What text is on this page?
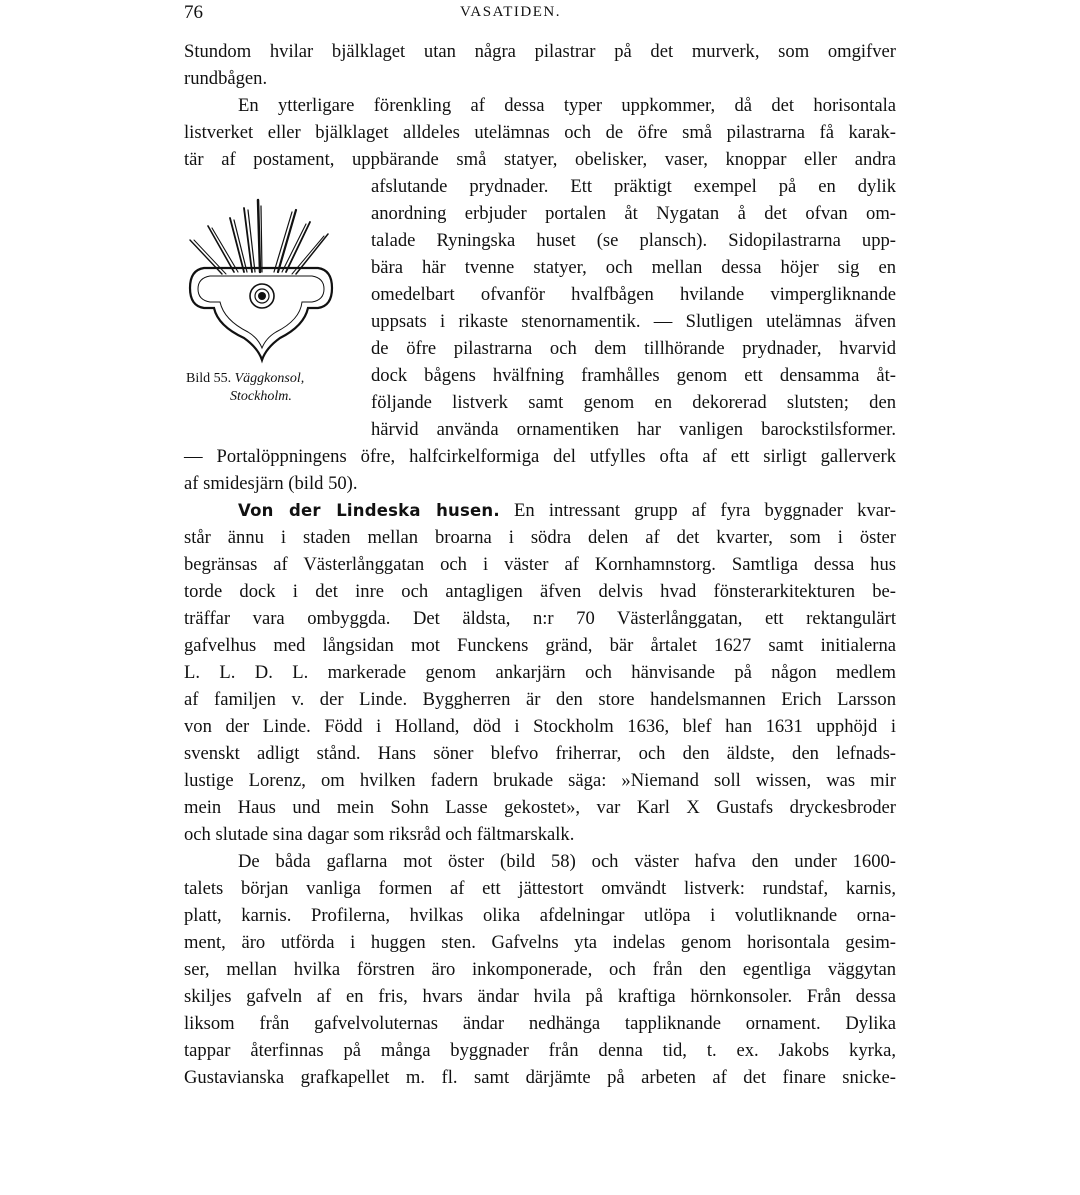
76	VASATIDEN.
Stundom hvilar bjälklaget utan några pilastrar på det murverk, som omgifver
rundbågen.
En ytterligare förenkling af dessa typer uppkommer, då det horisontala
listverket eller bjälklaget alldeles utelämnas och de öfre små pilastrarna få karak-
tär af postament, uppbärande små statyer, obelisker, vaser, knoppar eller andra
afslutande prydnader. Ett präktigt exempel på en dylik
anordning erbjuder portalen åt Nygatan å det ofvan om-
talade Ryningska huset (se plansch). Sidopilastrarna upp-
bära här tvenne statyer, och mellan dessa höjer sig en
omedelbart ofvanför hvalfbågen hvilande vimpergliknande
uppsats i rikaste stenornamentik. — Slutligen utelämnas äfven
de öfre pilastrarna och dem tillhörande prydnader, hvarvid
dock bågens hvälfning framhålles genom ett densamma åt-
följande listverk samt genom en dekorerad slutsten; den
härvid använda ornamentiken har vanligen barockstilsformer.
Bild 55. Väggkonsol,
Stockholm.
— Portalöppningens öfre, halfcirkelformiga del utfylles ofta af ett sirligt gallerverk
af smidesjärn (bild 50).
Von der Lindeska husen. En intressant grupp af fyra byggnader kvar-
står ännu i staden mellan broarna i södra delen af det kvarter, som i öster
begränsas af Västerlånggatan och i väster af Kornhamnstorg. Samtliga dessa hus
torde dock i det inre och antagligen äfven delvis hvad fönsterarkitekturen be-
träffar vara ombyggda. Det äldsta, n:r 70 Västerlånggatan, ett rektangulärt
gafvelhus med långsidan mot Funckens gränd, bär årtalet 1627 samt initialerna
L. L. D. L. markerade genom ankarjärn och hänvisande på någon medlem
af familjen v. der Linde. Byggherren är den store handelsmannen Erich Larsson
von der Linde. Född i Holland, död i Stockholm 1636, blef han 1631 upphöjd i
svenskt adligt stånd. Hans söner blefvo friherrar, och den äldste, den lefnads-
lustige Lorenz, om hvilken fadern brukade säga: »Niemand soll wissen, was mir
mein Haus und mein Sohn Lasse gekostet», var Karl X Gustafs dryckesbroder
och slutade sina dagar som riksråd och fältmarskalk.
De båda gaflarna mot öster (bild 58) och väster hafva den under 1600-
talets början vanliga formen af ett jättestort omvändt listverk: rundstaf, karnis,
platt, karnis. Profilerna, hvilkas olika afdelningar utlöpa i volutliknande orna-
ment, äro utförda i huggen sten. Gafvelns yta indelas genom horisontala gesim-
ser, mellan hvilka förstren äro inkomponerade, och från den egentliga väggytan
skiljes gafveln af en fris, hvars ändar hvila på kraftiga hörnkonsoler. Från dessa
liksom från gafvelvoluternas ändar nedhänga tappliknande ornament. Dylika
tappar återfinnas på många byggnader från denna tid, t. ex. Jakobs kyrka,
Gustavianska grafkapellet m. fl. samt därjämte på arbeten af det finare snicke-
